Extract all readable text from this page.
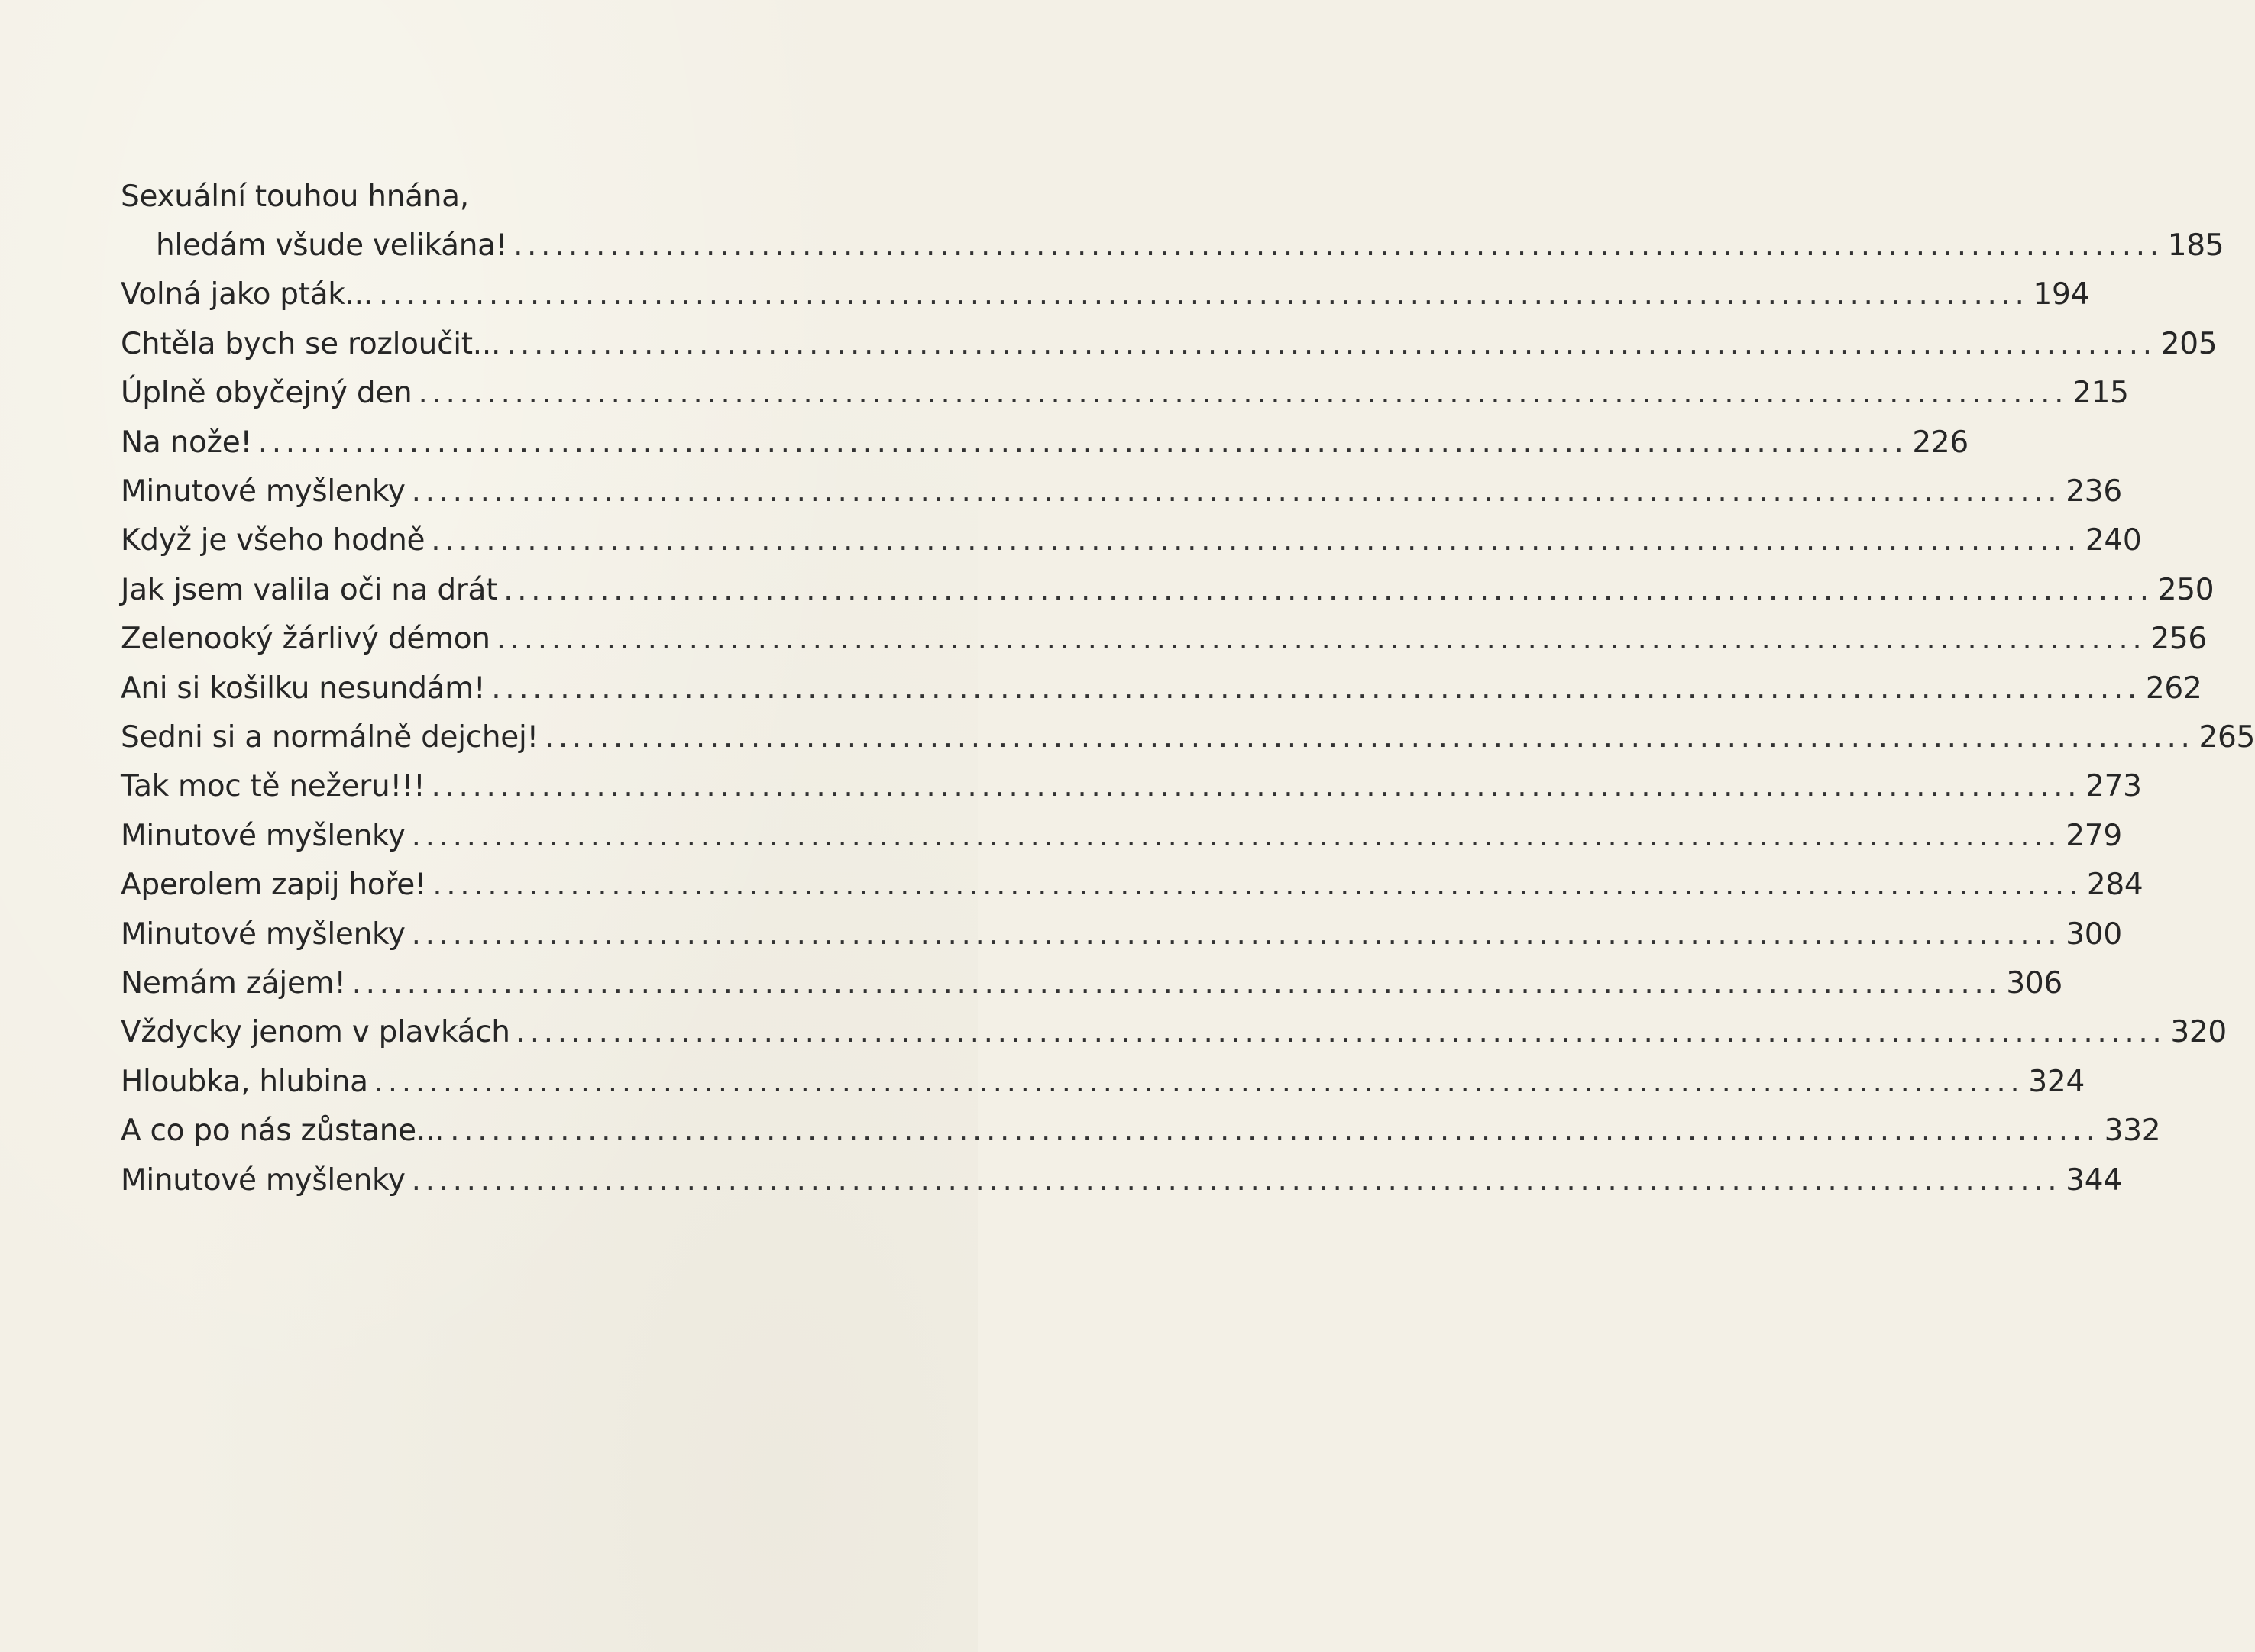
Sexuální touhou hnána,
hledám všude velikána! ........................................................................................................................ 185
Volná jako pták... ........................................................................................................................ 194
Chtěla bych se rozloučit... ........................................................................................................................ 205
Úplně obyčejný den ........................................................................................................................ 215
Na nože! ........................................................................................................................ 226
Minutové myšlenky ........................................................................................................................ 236
Když je všeho hodně ........................................................................................................................ 240
Jak jsem valila oči na drát ........................................................................................................................ 250
Zelenooký žárlivý démon ........................................................................................................................ 256
Ani si košilku nesundám! ........................................................................................................................ 262
Sedni si a normálně dejchej! ........................................................................................................................ 265
Tak moc tě nežeru!!! ........................................................................................................................ 273
Minutové myšlenky ........................................................................................................................ 279
Aperolem zapij hoře! ........................................................................................................................ 284
Minutové myšlenky ........................................................................................................................ 300
Nemám zájem! ........................................................................................................................ 306
Vždycky jenom v plavkách ........................................................................................................................ 320
Hloubka, hlubina ........................................................................................................................ 324
A co po nás zůstane... ........................................................................................................................ 332
Minutové myšlenky ........................................................................................................................ 344
